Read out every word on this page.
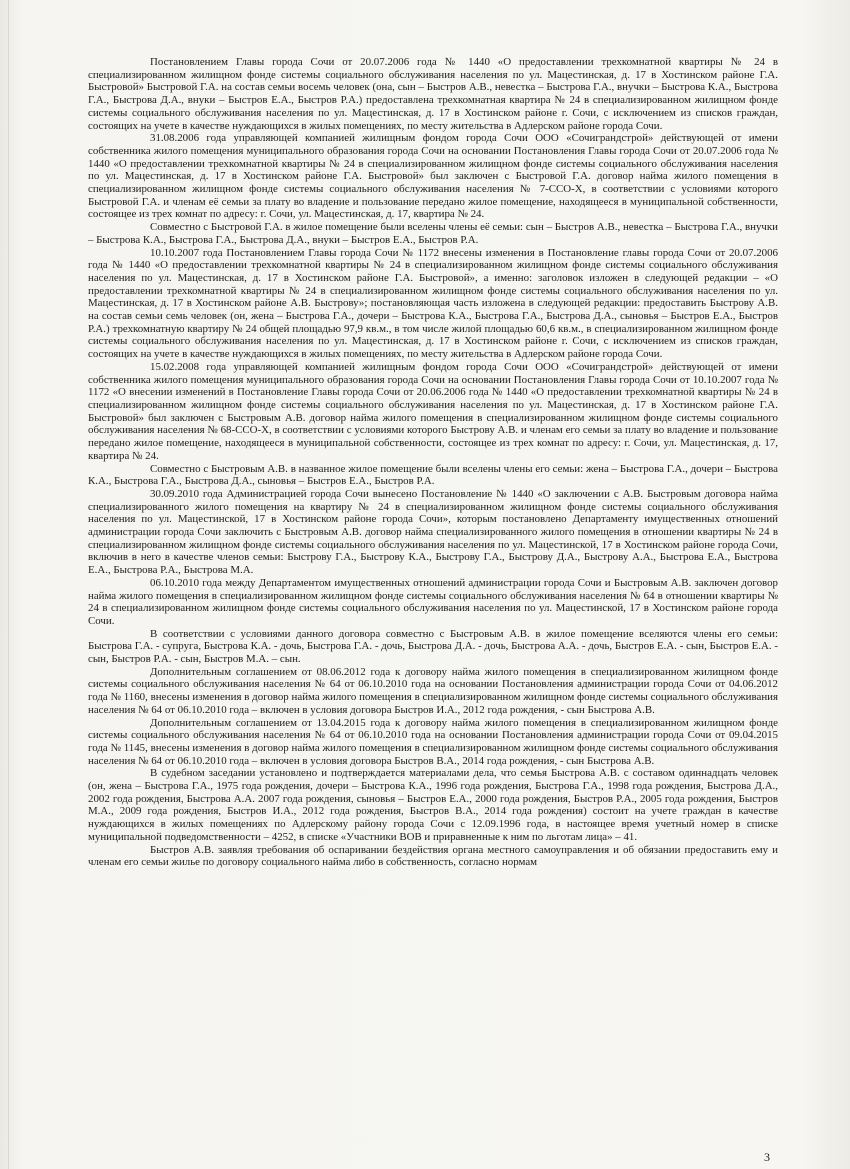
Постановлением Главы города Сочи от 20.07.2006 года № 1440 «О предоставлении трехкомнатной квартиры № 24 в специализированном жилищном фонде системы социального обслуживания населения по ул. Мацестинская, д. 17 в Хостинском районе Г.А. Быстровой» Быстровой Г.А. на состав семьи восемь человек (она, сын – Быстров А.В., невестка – Быстрова Г.А., внучки – Быстрова К.А., Быстрова Г.А., Быстрова Д.А., внуки – Быстров Е.А., Быстров Р.А.) предоставлена трехкомнатная квартира № 24 в специализированном жилищном фонде системы социального обслуживания населения по ул. Мацестинская, д. 17 в Хостинском районе г. Сочи, с исключением из списков граждан, состоящих на учете в качестве нуждающихся в жилых помещениях, по месту жительства в Адлерском районе города Сочи.

31.08.2006 года управляющей компанией жилищным фондом города Сочи ООО «Сочиграндстрой» действующей от имени собственника жилого помещения муниципального образования города Сочи на основании Постановления Главы города Сочи от 20.07.2006 года № 1440 «О предоставлении трехкомнатной квартиры № 24 в специализированном жилищном фонде системы социального обслуживания населения по ул. Мацестинская, д. 17 в Хостинском районе Г.А. Быстровой» был заключен с Быстровой Г.А. договор найма жилого помещения в специализированном жилищном фонде системы социального обслуживания населения № 7-ССО-Х, в соответствии с условиями которого Быстровой Г.А. и членам её семьи за плату во владение и пользование передано жилое помещение, находящееся в муниципальной собственности, состоящее из трех комнат по адресу: г. Сочи, ул. Мацестинская, д. 17, квартира № 24.

Совместно с Быстровой Г.А. в жилое помещение были вселены члены её семьи: сын – Быстров А.В., невестка – Быстрова Г.А., внучки – Быстрова К.А., Быстрова Г.А., Быстрова Д.А., внуки – Быстров Е.А., Быстров Р.А.

10.10.2007 года Постановлением Главы города Сочи № 1172 внесены изменения в Постановление главы города Сочи от 20.07.2006 года № 1440 «О предоставлении трехкомнатной квартиры № 24 в специализированном жилищном фонде системы социального обслуживания населения по ул. Мацестинская, д. 17 в Хостинском районе Г.А. Быстровой», а именно: заголовок изложен в следующей редакции – «О предоставлении трехкомнатной квартиры № 24 в специализированном жилищном фонде системы социального обслуживания населения по ул. Мацестинская, д. 17 в Хостинском районе А.В. Быстрову»; постановляющая часть изложена в следующей редакции: предоставить Быстрову А.В. на состав семьи семь человек (он, жена – Быстрова Г.А., дочери – Быстрова К.А., Быстрова Г.А., Быстрова Д.А., сыновья – Быстров Е.А., Быстров Р.А.) трехкомнатную квартиру № 24 общей площадью 97,9 кв.м., в том числе жилой площадью 60,6 кв.м., в специализированном жилищном фонде системы социального обслуживания населения по ул. Мацестинская, д. 17 в Хостинском районе г. Сочи, с исключением из списков граждан, состоящих на учете в качестве нуждающихся в жилых помещениях, по месту жительства в Адлерском районе города Сочи.

15.02.2008 года управляющей компанией жилищным фондом города Сочи ООО «Сочиграндстрой» действующей от имени собственника жилого помещения муниципального образования города Сочи на основании Постановления Главы города Сочи от 10.10.2007 года № 1172 «О внесении изменений в Постановление Главы города Сочи от 20.06.2006 года № 1440 «О предоставлении трехкомнатной квартиры № 24 в специализированном жилищном фонде системы социального обслуживания населения по ул. Мацестинская, д. 17 в Хостинском районе Г.А. Быстровой» был заключен с Быстровым А.В. договор найма жилого помещения в специализированном жилищном фонде системы социального обслуживания населения № 68-ССО-Х, в соответствии с условиями которого Быстрову А.В. и членам его семьи за плату во владение и пользование передано жилое помещение, находящееся в муниципальной собственности, состоящее из трех комнат по адресу: г. Сочи, ул. Мацестинская, д. 17, квартира № 24.

Совместно с Быстровым А.В. в названное жилое помещение были вселены члены его семьи: жена – Быстрова Г.А., дочери – Быстрова К.А., Быстрова Г.А., Быстрова Д.А., сыновья – Быстров Е.А., Быстров Р.А.

30.09.2010 года Администрацией города Сочи вынесено Постановление № 1440 «О заключении с А.В. Быстровым договора найма специализированного жилого помещения на квартиру № 24 в специализированном жилищном фонде системы социального обслуживания населения по ул. Мацестинской, 17 в Хостинском районе города Сочи», которым постановлено Департаменту имущественных отношений администрации города Сочи заключить с Быстровым А.В. договор найма специализированного жилого помещения в отношении квартиры № 24 в специализированном жилищном фонде системы социального обслуживания населения по ул. Мацестинской, 17 в Хостинском районе города Сочи, включив в него в качестве членов семьи: Быстрову Г.А., Быстрову К.А., Быстрову Г.А., Быстрову Д.А., Быстрову А.А., Быстрова Е.А., Быстрова Е.А., Быстрова Р.А., Быстрова М.А.

06.10.2010 года между Департаментом имущественных отношений администрации города Сочи и Быстровым А.В. заключен договор найма жилого помещения в специализированном жилищном фонде системы социального обслуживания населения № 64 в отношении квартиры № 24 в специализированном жилищном фонде системы социального обслуживания населения по ул. Мацестинской, 17 в Хостинском районе города Сочи.

В соответствии с условиями данного договора совместно с Быстровым А.В. в жилое помещение вселяются члены его семьи: Быстрова Г.А. - супруга, Быстрова К.А. - дочь, Быстрова Г.А. - дочь, Быстрова Д.А. - дочь, Быстрова А.А. - дочь, Быстров Е.А. - сын, Быстров Е.А. - сын, Быстров Р.А. - сын, Быстров М.А. – сын.

Дополнительным соглашением от 08.06.2012 года к договору найма жилого помещения в специализированном жилищном фонде системы социального обслуживания населения № 64 от 06.10.2010 года на основании Постановления администрации города Сочи от 04.06.2012 года № 1160, внесены изменения в договор найма жилого помещения в специализированном жилищном фонде системы социального обслуживания населения № 64 от 06.10.2010 года – включен в условия договора Быстров И.А., 2012 года рождения, - сын Быстрова А.В.

Дополнительным соглашением от 13.04.2015 года к договору найма жилого помещения в специализированном жилищном фонде системы социального обслуживания населения № 64 от 06.10.2010 года на основании Постановления администрации города Сочи от 09.04.2015 года № 1145, внесены изменения в договор найма жилого помещения в специализированном жилищном фонде системы социального обслуживания населения № 64 от 06.10.2010 года – включен в условия договора Быстров В.А., 2014 года рождения, - сын Быстрова А.В.

В судебном заседании установлено и подтверждается материалами дела, что семья Быстрова А.В. с составом одиннадцать человек (он, жена – Быстрова Г.А., 1975 года рождения, дочери – Быстрова К.А., 1996 года рождения, Быстрова Г.А., 1998 года рождения, Быстрова Д.А., 2002 года рождения, Быстрова А.А. 2007 года рождения, сыновья – Быстров Е.А., 2000 года рождения, Быстров Р.А., 2005 года рождения, Быстров М.А., 2009 года рождения, Быстров И.А., 2012 года рождения, Быстров В.А., 2014 года рождения) состоит на учете граждан в качестве нуждающихся в жилых помещениях по Адлерскому району города Сочи с 12.09.1996 года, в настоящее время учетный номер в списке муниципальной подведомственности – 4252, в списке «Участники ВОВ и приравненные к ним по льготам лица» – 41.

Быстров А.В. заявляя требования об оспаривании бездействия органа местного самоуправления и об обязании предоставить ему и членам его семьи жилье по договору социального найма либо в собственность, согласно нормам

3
